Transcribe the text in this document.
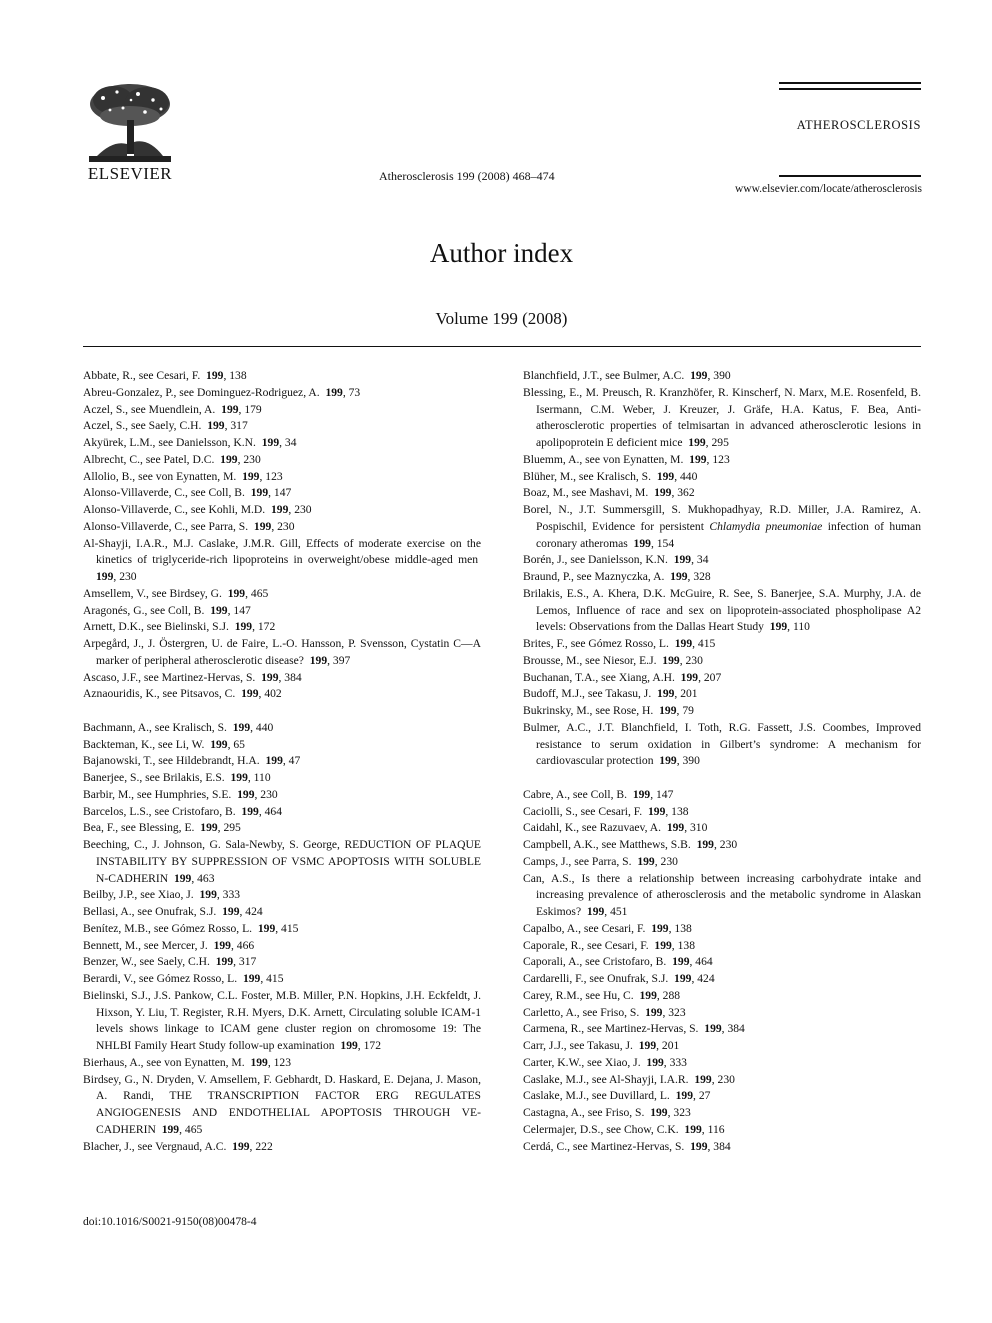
ELSEVIER	Atherosclerosis 199 (2008) 468–474
ATHEROSCLEROSIS
www.elsevier.com/locate/atherosclerosis
Author index
Volume 199 (2008)
Abbate, R., see Cesari, F. 199, 138
Abreu-Gonzalez, P., see Dominguez-Rodriguez, A. 199, 73
Aczel, S., see Muendlein, A. 199, 179
Aczel, S., see Saely, C.H. 199, 317
Akyürek, L.M., see Danielsson, K.N. 199, 34
Albrecht, C., see Patel, D.C. 199, 230
Allolio, B., see von Eynatten, M. 199, 123
Alonso-Villaverde, C., see Coll, B. 199, 147
Alonso-Villaverde, C., see Kohli, M.D. 199, 230
Alonso-Villaverde, C., see Parra, S. 199, 230
Al-Shayji, I.A.R., M.J. Caslake, J.M.R. Gill, Effects of moderate exercise on the kinetics of triglyceride-rich lipoproteins in overweight/obese middle-aged men  199, 230
Amsellem, V., see Birdsey, G. 199, 465
Aragonés, G., see Coll, B. 199, 147
Arnett, D.K., see Bielinski, S.J. 199, 172
Arpegård, J., J. Östergren, U. de Faire, L.-O. Hansson, P. Svensson, Cystatin C—A marker of peripheral atherosclerotic disease? 199, 397
Ascaso, J.F., see Martinez-Hervas, S. 199, 384
Aznaouridis, K., see Pitsavos, C. 199, 402
Bachmann, A., see Kralisch, S. 199, 440
Backteman, K., see Li, W. 199, 65
Bajanowski, T., see Hildebrandt, H.A. 199, 47
Banerjee, S., see Brilakis, E.S. 199, 110
Barbir, M., see Humphries, S.E. 199, 230
Barcelos, L.S., see Cristofaro, B. 199, 464
Bea, F., see Blessing, E. 199, 295
Beeching, C., J. Johnson, G. Sala-Newby, S. George, REDUCTION OF PLAQUE INSTABILITY BY SUPPRESSION OF VSMC APOPTOSIS WITH SOLUBLE N-CADHERIN 199, 463
Beilby, J.P., see Xiao, J. 199, 333
Bellasi, A., see Onufrak, S.J. 199, 424
Benítez, M.B., see Gómez Rosso, L. 199, 415
Bennett, M., see Mercer, J. 199, 466
Benzer, W., see Saely, C.H. 199, 317
Berardi, V., see Gómez Rosso, L. 199, 415
Bielinski, S.J., J.S. Pankow, C.L. Foster, M.B. Miller, P.N. Hopkins, J.H. Eckfeldt, J. Hixson, Y. Liu, T. Register, R.H. Myers, D.K. Arnett, Circulating soluble ICAM-1 levels shows linkage to ICAM gene cluster region on chromosome 19: The NHLBI Family Heart Study follow-up examination 199, 172
Bierhaus, A., see von Eynatten, M. 199, 123
Birdsey, G., N. Dryden, V. Amsellem, F. Gebhardt, D. Haskard, E. Dejana, J. Mason, A. Randi, THE TRANSCRIPTION FACTOR ERG REGULATES ANGIOGENESIS AND ENDOTHELIAL APOPTOSIS THROUGH VE-CADHERIN 199, 465
Blacher, J., see Vergnaud, A.C. 199, 222
Blanchfield, J.T., see Bulmer, A.C. 199, 390
Blessing, E., M. Preusch, R. Kranzhöfer, R. Kinscherf, N. Marx, M.E. Rosenfeld, B. Isermann, C.M. Weber, J. Kreuzer, J. Gräfe, H.A. Katus, F. Bea, Anti-atherosclerotic properties of telmisartan in advanced atherosclerotic lesions in apolipoprotein E deficient mice 199, 295
Bluemm, A., see von Eynatten, M. 199, 123
Blüher, M., see Kralisch, S. 199, 440
Boaz, M., see Mashavi, M. 199, 362
Borel, N., J.T. Summersgill, S. Mukhopadhyay, R.D. Miller, J.A. Ramirez, A. Pospischil, Evidence for persistent Chlamydia pneumoniae infection of human coronary atheromas 199, 154
Borén, J., see Danielsson, K.N. 199, 34
Braund, P., see Maznyczka, A. 199, 328
Brilakis, E.S., A. Khera, D.K. McGuire, R. See, S. Banerjee, S.A. Murphy, J.A. de Lemos, Influence of race and sex on lipoprotein-associated phospholipase A2 levels: Observations from the Dallas Heart Study 199, 110
Brites, F., see Gómez Rosso, L. 199, 415
Brousse, M., see Niesor, E.J. 199, 230
Buchanan, T.A., see Xiang, A.H. 199, 207
Budoff, M.J., see Takasu, J. 199, 201
Bukrinsky, M., see Rose, H. 199, 79
Bulmer, A.C., J.T. Blanchfield, I. Toth, R.G. Fassett, J.S. Coombes, Improved resistance to serum oxidation in Gilbert’s syndrome: A mechanism for cardiovascular protection 199, 390
Cabre, A., see Coll, B. 199, 147
Caciolli, S., see Cesari, F. 199, 138
Caidahl, K., see Razuvaev, A. 199, 310
Campbell, A.K., see Matthews, S.B. 199, 230
Camps, J., see Parra, S. 199, 230
Can, A.S., Is there a relationship between increasing carbohydrate intake and increasing prevalence of atherosclerosis and the metabolic syndrome in Alaskan Eskimos? 199, 451
Capalbo, A., see Cesari, F. 199, 138
Caporale, R., see Cesari, F. 199, 138
Caporali, A., see Cristofaro, B. 199, 464
Cardarelli, F., see Onufrak, S.J. 199, 424
Carey, R.M., see Hu, C. 199, 288
Carletto, A., see Friso, S. 199, 323
Carmena, R., see Martinez-Hervas, S. 199, 384
Carr, J.J., see Takasu, J. 199, 201
Carter, K.W., see Xiao, J. 199, 333
Caslake, M.J., see Al-Shayji, I.A.R. 199, 230
Caslake, M.J., see Duvillard, L. 199, 27
Castagna, A., see Friso, S. 199, 323
Celermajer, D.S., see Chow, C.K. 199, 116
Cerdá, C., see Martinez-Hervas, S. 199, 384
doi:10.1016/S0021-9150(08)00478-4
